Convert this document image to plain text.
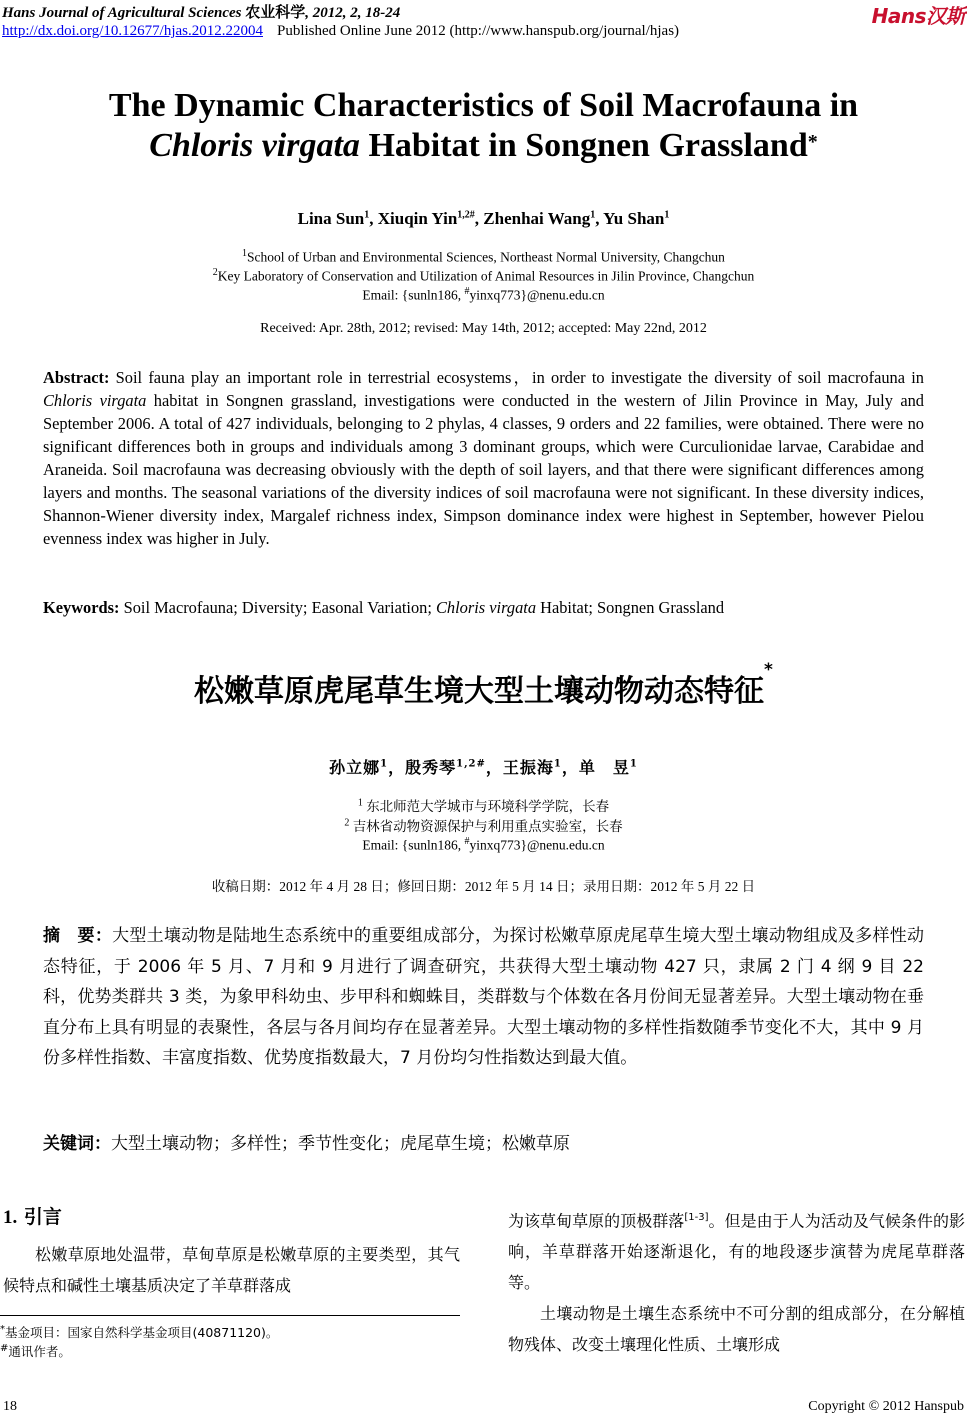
Hans Journal of Agricultural Sciences 农业科学, 2012, 2, 18-24	Hans汉斯
http://dx.doi.org/10.12677/hjas.2012.22004 Published Online June 2012 (http://www.hanspub.org/journal/hjas)
The Dynamic Characteristics of Soil Macrofauna in
Chloris virgata Habitat in Songnen Grassland*
Lina Sun$^1$, Xiuqin Yin$^{1,2\#}$, Zhenhai Wang$^1$, Yu Shan$^1$
$^1$School of Urban and Environmental Sciences, Northeast Normal University, Changchun
$^2$Key Laboratory of Conservation and Utilization of Animal Resources in Jilin Province, Changchun
Email: {sunln186, #yinxq773}@nenu.edu.cn
Received: Apr. 28th, 2012; revised: May 14th, 2012; accepted: May 22nd, 2012
Abstract: Soil fauna play an important role in terrestrial ecosystems，in order to investigate the diversity of soil macrofauna in Chloris virgata habitat in Songnen grassland, investigations were conducted in the western of Jilin Province in May, July and September 2006. A total of 427 individuals, belonging to 2 phylas, 4 classes, 9 orders and 22 families, were obtained. There were no significant differences both in groups and individuals among 3 dominant groups, which were Curculionidae larvae, Carabidae and Araneida. Soil macrofauna was decreasing obviously with the depth of soil layers, and that there were significant differences among layers and months. The seasonal variations of the diversity indices of soil macrofauna were not significant. In these diversity indices, Shannon-Wiener diversity index, Margalef richness index, Simpson dominance index were highest in September, however Pielou evenness index was higher in July.
Keywords: Soil Macrofauna; Diversity; Easonal Variation; Chloris virgata Habitat; Songnen Grassland
松嫩草原虎尾草生境大型土壤动物动态特征*
孙立娜$^1$，殷秀琴$^{1,2\#}$，王振海$^1$，单　昱$^1$
$^1$ 东北师范大学城市与环境科学学院，长春
$^2$ 吉林省动物资源保护与利用重点实验室，长春
Email: {sunln186, #yinxq773}@nenu.edu.cn
收稿日期：2012 年 4 月 28 日；修回日期：2012 年 5 月 14 日；录用日期：2012 年 5 月 22 日
摘　要：大型土壤动物是陆地生态系统中的重要组成部分，为探讨松嫩草原虎尾草生境大型土壤动物组成及多样性动态特征，于 2006 年 5 月、7 月和 9 月进行了调查研究，共获得大型土壤动物 427 只，隶属 2 门 4 纲 9 目 22 科，优势类群共 3 类，为象甲科幼虫、步甲科和蜘蛛目，类群数与个体数在各月份间无显著差异。大型土壤动物在垂直分布上具有明显的表聚性，各层与各月间均存在显著差异。大型土壤动物的多样性指数随季节变化不大，其中 9 月份多样性指数、丰富度指数、优势度指数最大，7 月份均匀性指数达到最大值。
关键词：大型土壤动物；多样性；季节性变化；虎尾草生境；松嫩草原
1. 引言
松嫩草原地处温带，草甸草原是松嫩草原的主要类型，其气候特点和碱性土壤基质决定了羊草群落成
为该草甸草原的顶极群落[1-3]。但是由于人为活动及气候条件的影响，羊草群落开始逐渐退化，有的地段逐步演替为虎尾草群落等。
土壤动物是土壤生态系统中不可分割的组成部分，在分解植物残体、改变土壤理化性质、土壤形成
*基金项目：国家自然科学基金项目(40871120)。
#通讯作者。
18	Copyright © 2012 Hanspub
